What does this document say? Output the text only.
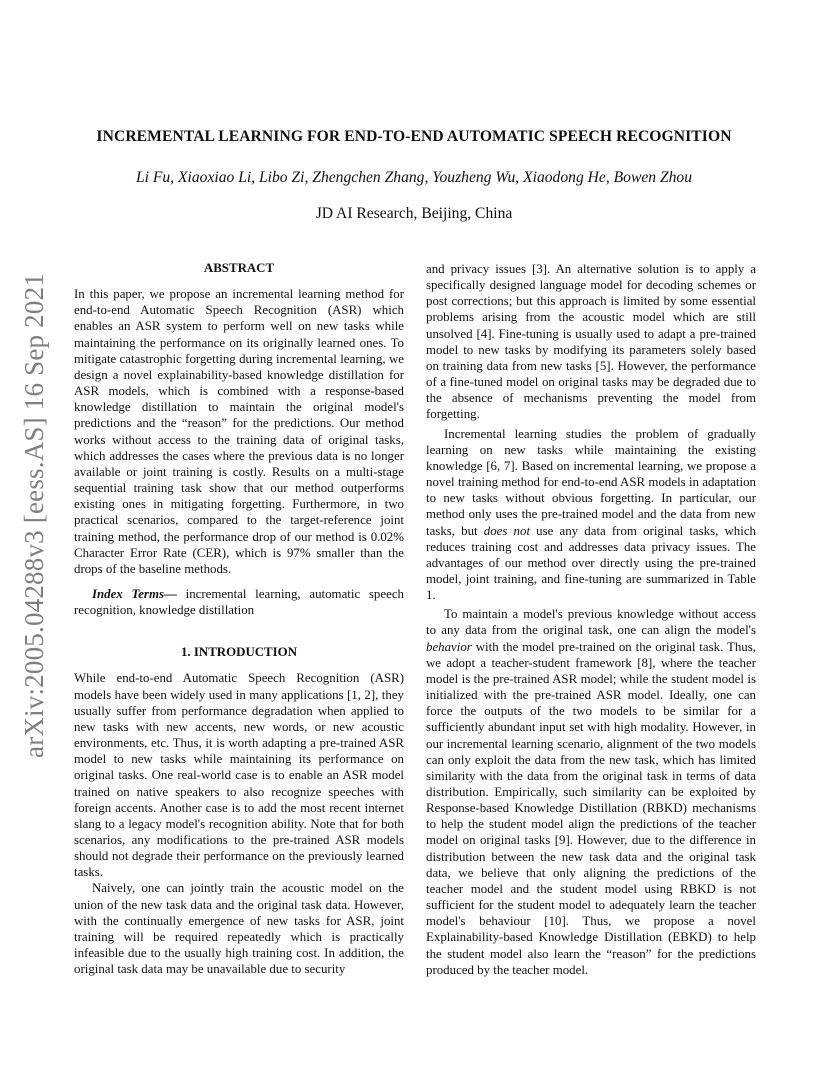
arXiv:2005.04288v3 [eess.AS] 16 Sep 2021
INCREMENTAL LEARNING FOR END-TO-END AUTOMATIC SPEECH RECOGNITION
Li Fu, Xiaoxiao Li, Libo Zi, Zhengchen Zhang, Youzheng Wu, Xiaodong He, Bowen Zhou
JD AI Research, Beijing, China
ABSTRACT

In this paper, we propose an incremental learning method for end-to-end Automatic Speech Recognition (ASR) which enables an ASR system to perform well on new tasks while maintaining the performance on its originally learned ones. To mitigate catastrophic forgetting during incremental learning, we design a novel explainability-based knowledge distillation for ASR models, which is combined with a response-based knowledge distillation to maintain the original model's predictions and the “reason” for the predictions. Our method works without access to the training data of original tasks, which addresses the cases where the previous data is no longer available or joint training is costly. Results on a multi-stage sequential training task show that our method outperforms existing ones in mitigating forgetting. Furthermore, in two practical scenarios, compared to the target-reference joint training method, the performance drop of our method is 0.02% Character Error Rate (CER), which is 97% smaller than the drops of the baseline methods.

Index Terms— incremental learning, automatic speech recognition, knowledge distillation

1. INTRODUCTION

While end-to-end Automatic Speech Recognition (ASR) models have been widely used in many applications [1, 2], they usually suffer from performance degradation when applied to new tasks with new accents, new words, or new acoustic environments, etc. Thus, it is worth adapting a pre-trained ASR model to new tasks while maintaining its performance on original tasks. One real-world case is to enable an ASR model trained on native speakers to also recognize speeches with foreign accents. Another case is to add the most recent internet slang to a legacy model's recognition ability. Note that for both scenarios, any modifications to the pre-trained ASR models should not degrade their performance on the previously learned tasks.

Naively, one can jointly train the acoustic model on the union of the new task data and the original task data. However, with the continually emergence of new tasks for ASR, joint training will be required repeatedly which is practically infeasible due to the usually high training cost. In addition, the original task data may be unavailable due to security

and privacy issues [3]. An alternative solution is to apply a specifically designed language model for decoding schemes or post corrections; but this approach is limited by some essential problems arising from the acoustic model which are still unsolved [4]. Fine-tuning is usually used to adapt a pre-trained model to new tasks by modifying its parameters solely based on training data from new tasks [5]. However, the performance of a fine-tuned model on original tasks may be degraded due to the absence of mechanisms preventing the model from forgetting.

Incremental learning studies the problem of gradually learning on new tasks while maintaining the existing knowledge [6, 7]. Based on incremental learning, we propose a novel training method for end-to-end ASR models in adaptation to new tasks without obvious forgetting. In particular, our method only uses the pre-trained model and the data from new tasks, but does not use any data from original tasks, which reduces training cost and addresses data privacy issues. The advantages of our method over directly using the pre-trained model, joint training, and fine-tuning are summarized in Table 1.

To maintain a model's previous knowledge without access to any data from the original task, one can align the model's behavior with the model pre-trained on the original task. Thus, we adopt a teacher-student framework [8], where the teacher model is the pre-trained ASR model; while the student model is initialized with the pre-trained ASR model. Ideally, one can force the outputs of the two models to be similar for a sufficiently abundant input set with high modality. However, in our incremental learning scenario, alignment of the two models can only exploit the data from the new task, which has limited similarity with the data from the original task in terms of data distribution. Empirically, such similarity can be exploited by Response-based Knowledge Distillation (RBKD) mechanisms to help the student model align the predictions of the teacher model on original tasks [9]. However, due to the difference in distribution between the new task data and the original task data, we believe that only aligning the predictions of the teacher model and the student model using RBKD is not sufficient for the student model to adequately learn the teacher model's behaviour [10]. Thus, we propose a novel Explainability-based Knowledge Distillation (EBKD) to help the student model also learn the “reason” for the predictions produced by the teacher model.
